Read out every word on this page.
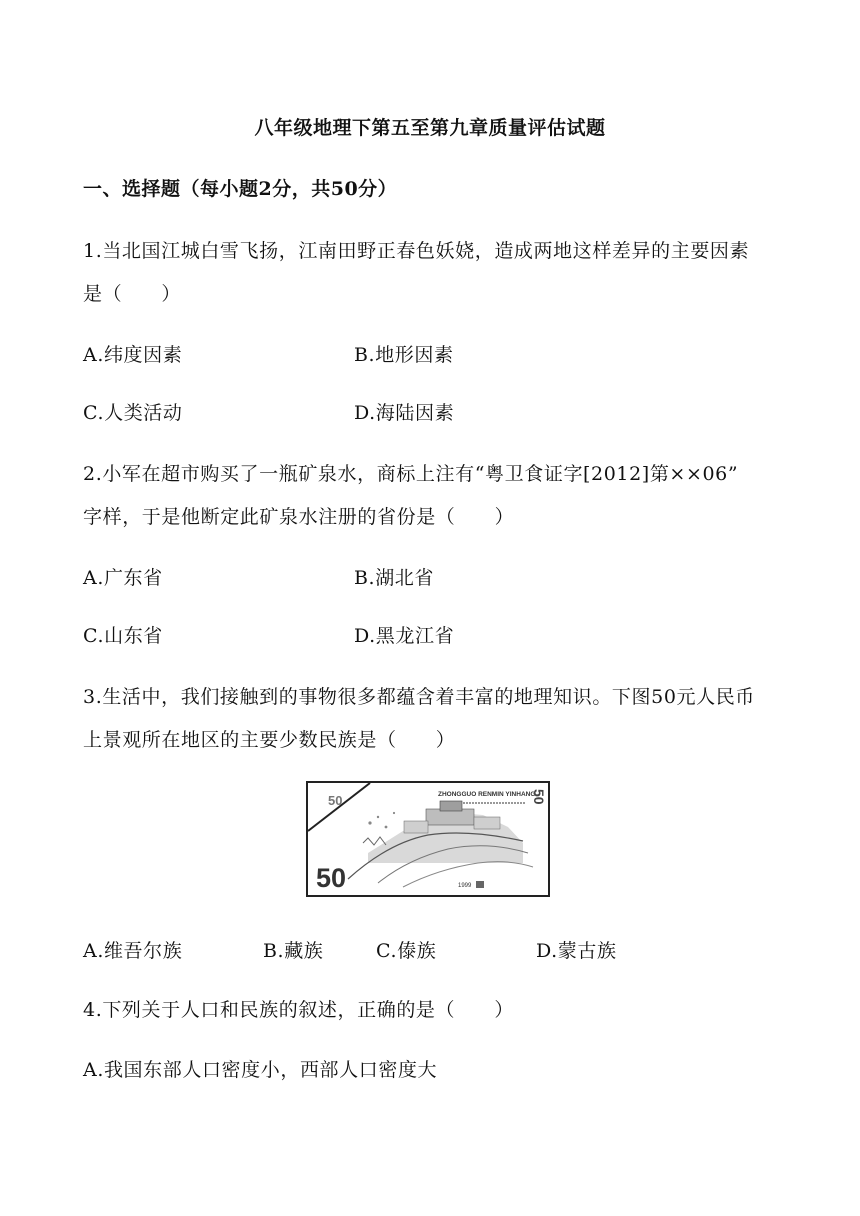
八年级地理下第五至第九章质量评估试题
一、选择题（每小题2分，共50分）
1.当北国江城白雪飞扬，江南田野正春色妖娆，造成两地这样差异的主要因素
是（　　）
A.纬度因素	B.地形因素
C.人类活动	D.海陆因素
2.小军在超市购买了一瓶矿泉水，商标上注有“粤卫食证字[2012]第××06”
字样，于是他断定此矿泉水注册的省份是（　　）
A.广东省	B.湖北省
C.山东省	D.黑龙江省
3.生活中，我们接触到的事物很多都蕴含着丰富的地理知识。下图50元人民币
上景观所在地区的主要少数民族是（　　）
50	ZHONGGUO RENMIN YINHANG
50
50	1999
A.维吾尔族	B.藏族	C.傣族	D.蒙古族
4.下列关于人口和民族的叙述，正确的是（　　）
A.我国东部人口密度小，西部人口密度大
